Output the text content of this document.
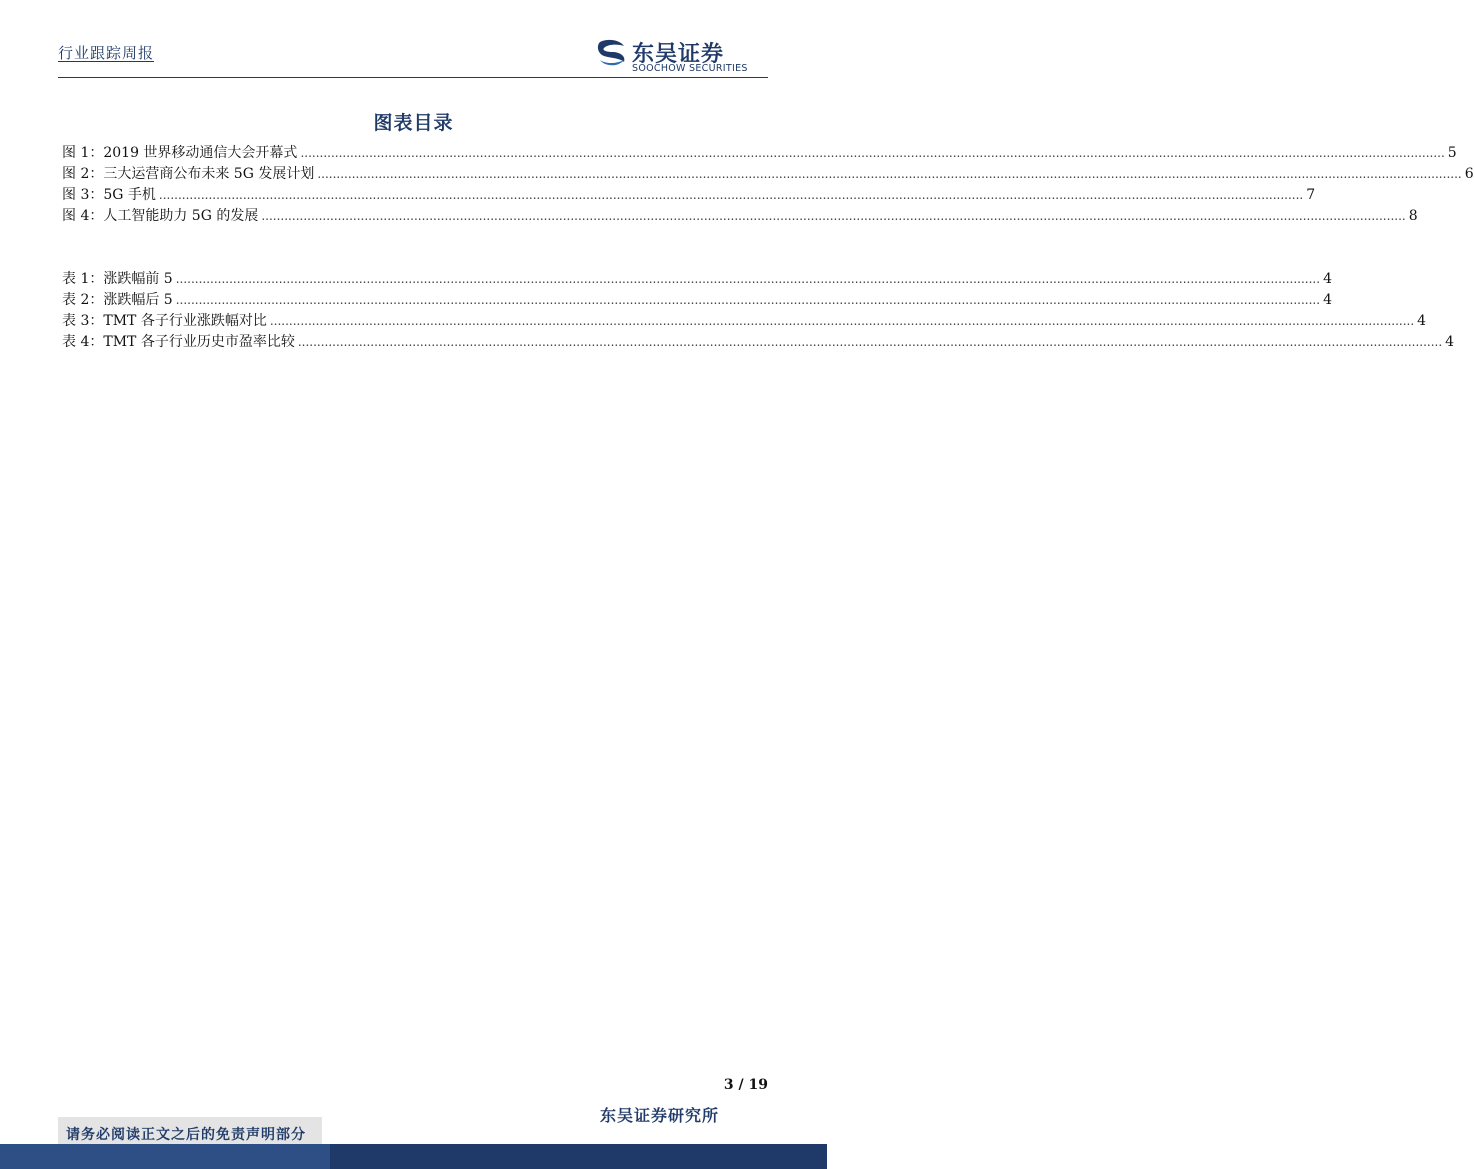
行业跟踪周报	东吴证券
SOOCHOW SECURITIES
图表目录
图 1：2019 世界移动通信大会开幕式 ............................................................................................................................................................................................................................................................................................................ 5
图 2：三大运营商公布未来 5G 发展计划 ............................................................................................................................................................................................................................................................................................................ 6
图 3：5G 手机 ............................................................................................................................................................................................................................................................................................................ 7
图 4：人工智能助力 5G 的发展 ............................................................................................................................................................................................................................................................................................................ 8
表 1：涨跌幅前 5 ............................................................................................................................................................................................................................................................................................................ 4
表 2：涨跌幅后 5 ............................................................................................................................................................................................................................................................................................................ 4
表 3：TMT 各子行业涨跌幅对比 ............................................................................................................................................................................................................................................................................................................ 4
表 4：TMT 各子行业历史市盈率比较 ............................................................................................................................................................................................................................................................................................................ 4
3 / 19
东吴证券研究所
请务必阅读正文之后的免责声明部分
